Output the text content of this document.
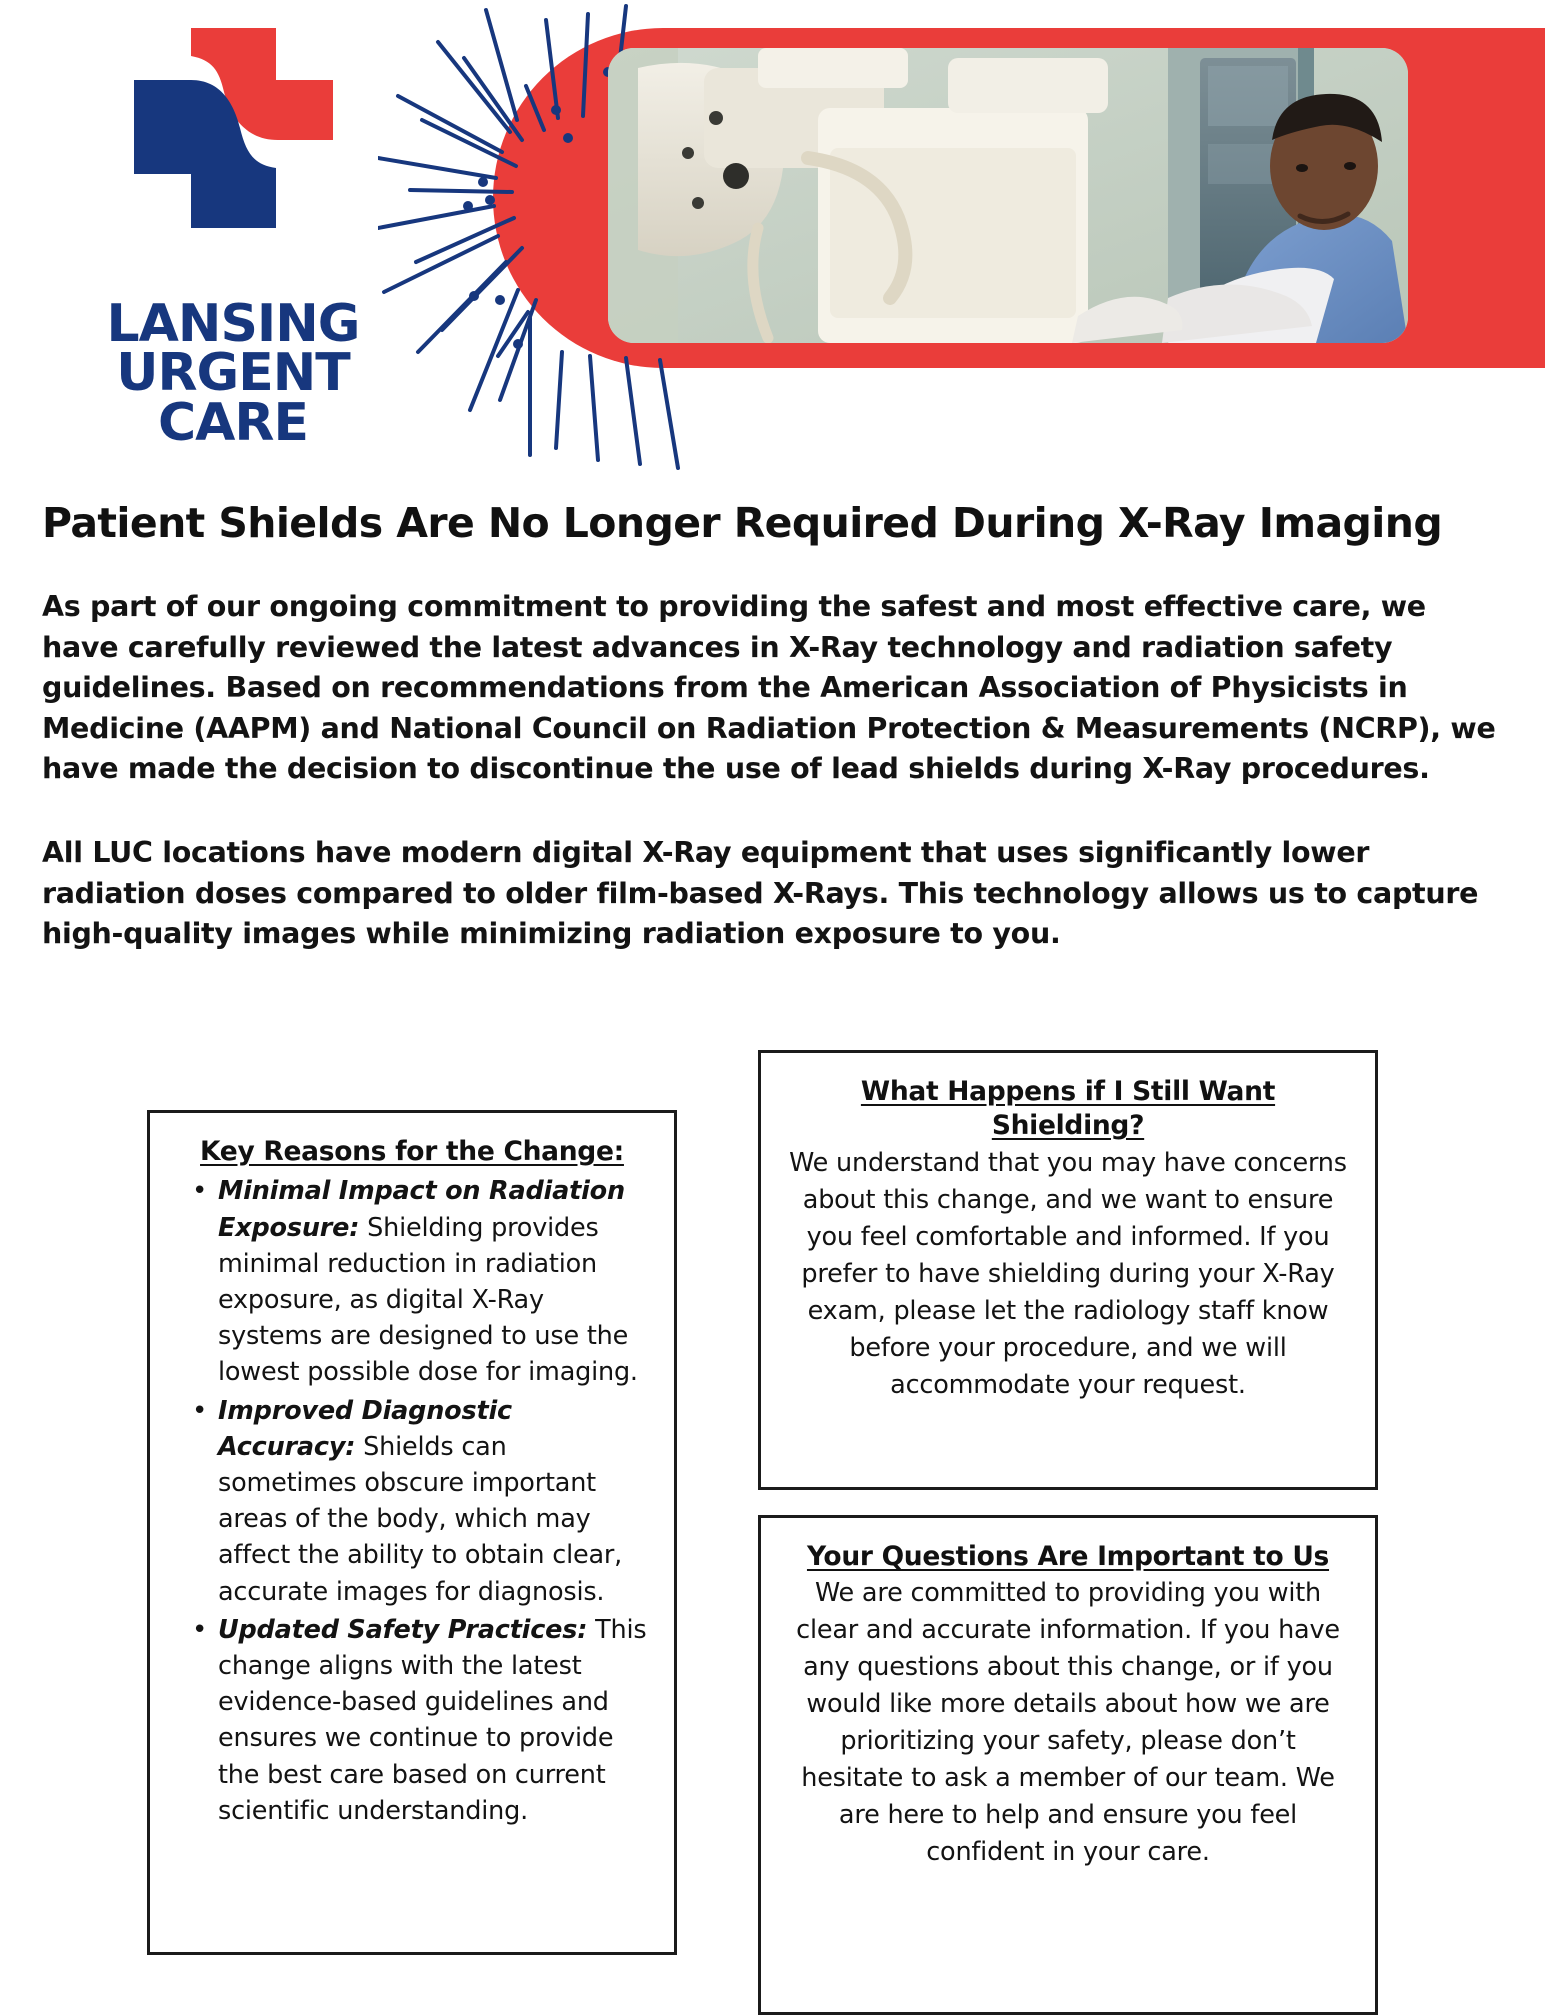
LANSING
URGENT
CARE
Patient Shields Are No Longer Required During X-Ray Imaging

As part of our ongoing commitment to providing the safest and most effective care, we have carefully reviewed the latest advances in X-Ray technology and radiation safety guidelines. Based on recommendations from the American Association of Physicists in Medicine (AAPM) and National Council on Radiation Protection & Measurements (NCRP), we have made the decision to discontinue the use of lead shields during X-Ray procedures.

All LUC locations have modern digital X-Ray equipment that uses significantly lower radiation doses compared to older film-based X-Rays. This technology allows us to capture high-quality images while minimizing radiation exposure to you.

Key Reasons for the Change:
• Minimal Impact on Radiation Exposure: Shielding provides minimal reduction in radiation exposure, as digital X-Ray systems are designed to use the lowest possible dose for imaging.
• Improved Diagnostic Accuracy: Shields can sometimes obscure important areas of the body, which may affect the ability to obtain clear, accurate images for diagnosis.
• Updated Safety Practices: This change aligns with the latest evidence-based guidelines and ensures we continue to provide the best care based on current scientific understanding.
What Happens if I Still Want Shielding?
We understand that you may have concerns about this change, and we want to ensure you feel comfortable and informed. If you prefer to have shielding during your X-Ray exam, please let the radiology staff know before your procedure, and we will accommodate your request.
Your Questions Are Important to Us
We are committed to providing you with clear and accurate information. If you have any questions about this change, or if you would like more details about how we are prioritizing your safety, please don’t hesitate to ask a member of our team. We are here to help and ensure you feel confident in your care.
